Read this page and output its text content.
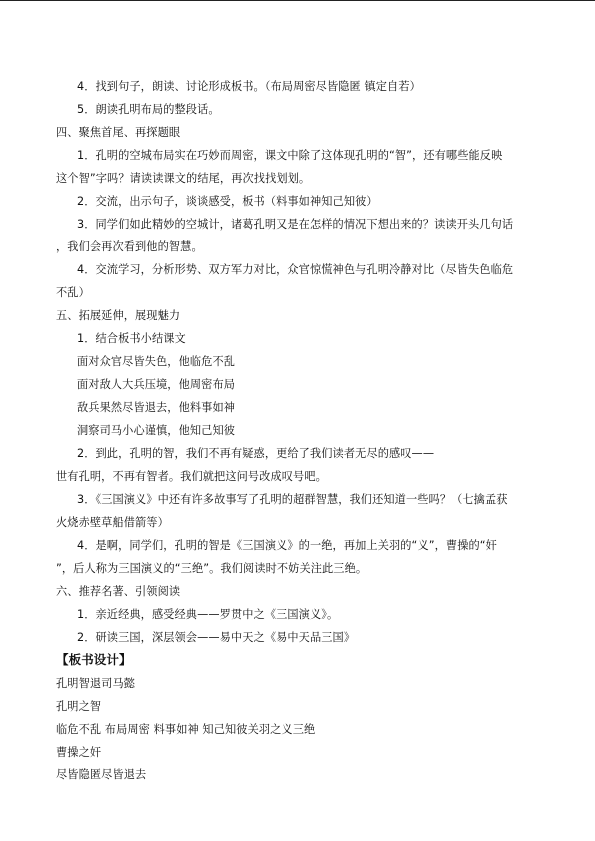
4．找到句子，朗读、讨论形成板书。（布局周密尽皆隐匿 镇定自若）
5．朗读孔明布局的整段话。
四、聚焦首尾、再探题眼
1．孔明的空城布局实在巧妙而周密，课文中除了这体现孔明的“智”，还有哪些能反映
这个智”字吗？请读读课文的结尾，再次找找划划。
2．交流，出示句子，谈谈感受，板书（料事如神知己知彼）
3．同学们如此精妙的空城计，诸葛孔明又是在怎样的情况下想出来的？读读开头几句话
，我们会再次看到他的智慧。
4．交流学习，分析形势、双方军力对比，众官惊慌神色与孔明冷静对比（尽皆失色临危
不乱）
五、拓展延伸，展现魅力
1．结合板书小结课文
面对众官尽皆失色，他临危不乱
面对敌人大兵压境，他周密布局
敌兵果然尽皆退去，他料事如神
洞察司马小心谨慎，他知己知彼
2．到此，孔明的智，我们不再有疑惑，更给了我们读者无尽的感叹——
世有孔明，不再有智者。我们就把这问号改成叹号吧。
3．《三国演义》中还有许多故事写了孔明的超群智慧，我们还知道一些吗？（七擒孟获
火烧赤壁草船借箭等）
4．是啊，同学们，孔明的智是《三国演义》的一绝，再加上关羽的“义”，曹操的“奸
”，后人称为三国演义的“三绝”。我们阅读时不妨关注此三绝。
六、推荐名著、引领阅读
1．亲近经典，感受经典——罗贯中之《三国演义》。
2．研读三国，深层领会——易中天之《易中天品三国》
【板书设计】
孔明智退司马懿
孔明之智
临危不乱 布局周密 料事如神 知己知彼关羽之义三绝
曹操之奸
尽皆隐匿尽皆退去
